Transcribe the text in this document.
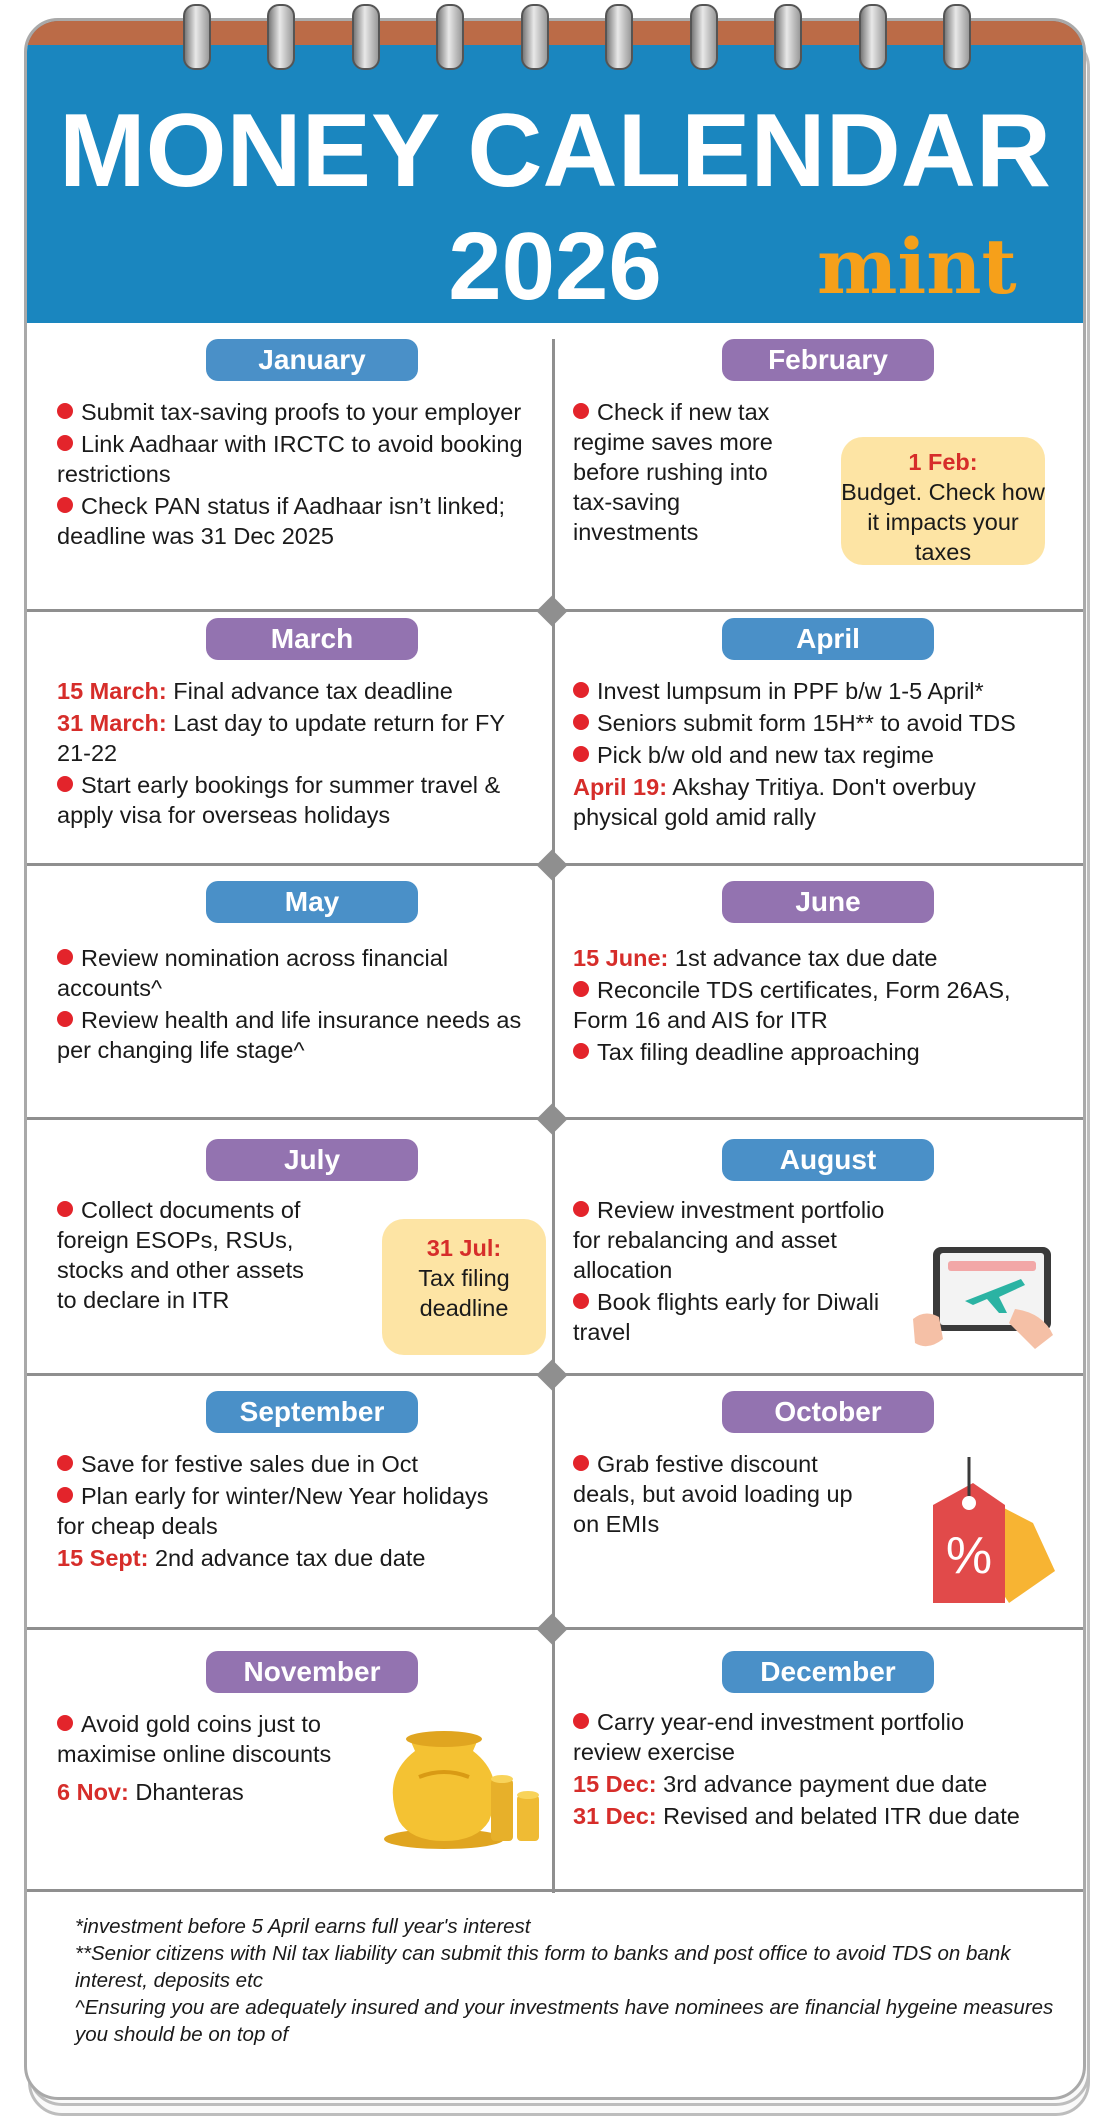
MONEY CALENDAR
2026	mint
January
Submit tax-saving proofs to your employer
Link Aadhaar with IRCTC to avoid booking restrictions
Check PAN status if Aadhaar isn’t linked; deadline was 31 Dec 2025
February
Check if new tax regime saves more before rushing into tax-saving investments
1 Feb:
Budget. Check how it impacts your taxes
March
15 March: Final advance tax deadline
31 March: Last day to update return for FY 21-22
Start early bookings for summer travel & apply visa for overseas holidays
April
Invest lumpsum in PPF b/w 1-5 April*
Seniors submit form 15H** to avoid TDS
Pick b/w old and new tax regime
April 19: Akshay Tritiya. Don't overbuy physical gold amid rally
May
Review nomination across financial accounts^
Review health and life insurance needs as per changing life stage^
June
15 June: 1st advance tax due date
Reconcile TDS certificates, Form 26AS, Form 16 and AIS for ITR
Tax filing deadline approaching
July
Collect documents of foreign ESOPs, RSUs, stocks and other assets to declare in ITR
31 Jul:
Tax filing deadline
August
Review investment portfolio for rebalancing and asset allocation
Book flights early for Diwali travel
September
Save for festive sales due in Oct
Plan early for winter/New Year holidays for cheap deals
15 Sept: 2nd advance tax due date
October
Grab festive discount deals, but avoid loading up on EMIs
%
November
Avoid gold coins just to maximise online discounts
6 Nov: Dhanteras
December
Carry year-end investment portfolio review exercise
15 Dec: 3rd advance payment due date
31 Dec: Revised and belated ITR due date

*investment before 5 April earns full year's interest

**Senior citizens with Nil tax liability can submit this form to banks and post office to avoid TDS on bank interest, deposits etc

^Ensuring you are adequately insured and your investments have nominees are financial hygeine measures you should be on top of
